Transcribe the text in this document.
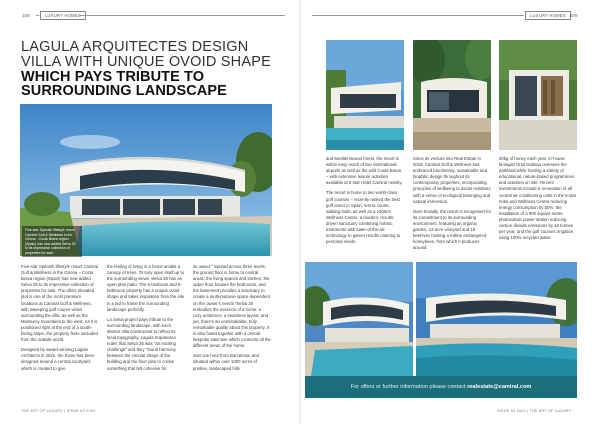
108	LUXURY HOMES
LAGULA ARQUITECTES DESIGN
VILLA WITH UNIQUE OVOID SHAPE
WHICH PAYS TRIBUTE TO
SURROUNDING LANDSCAPE
Five-star Spanish lifestyle resort Camiral Golf & Wellness in the Girona - Costa Brava region (Spain) has now added Selva 25 to its impressive collection of properties for sale.

Five-star Spanish lifestyle resort Camiral Golf & Wellness in the Girona – Costa Brava region (Spain) has now added Selva 25 to its impressive collection of properties for sale. The villa's elevated plot is one of the most premium locations at Camiral Golf & Wellness, with sweeping golf course views surrounding the villa, as well as the Montseny mountains to the west. As it is positioned right at the end of a south-facing slope, the property feels secluded from the outside world.

Designed by award-winning Lagula Architects in 2022, the home has been designed around a central courtyard, which is created to give

the feeling of living in a forest amidst a canopy of trees. To truly open itself up to the surrounding views, Selva 25 has an open-plan patio. The 5-bedroom and 5-bathroom property has a unique ovoid shape and takes inspiration from the site in a bid to frame the surrounding landscape perfectly.

La Selva project pays tribute to the surrounding landscape, with each distinct villa constructed to reflect its local topography. Lagula Arquitectes notes that Selva 25 was "an exciting challenge" and they "found harmony between the circular shape of the building and the floor plan to create something that felt cohesive for

its owner." Spread across three levels, the ground floor is home to central areas: the living spaces and kitchen, the upper floor houses the bedrooms, and the basement provides a sanctuary to create a multi-purpose space dependent on the owner's needs."Selva 25 embodies the essence of a home: a cozy ambience, a seamless layout, and yet, there's an unmistakable, truly remarkable quality about this property. It is also fused together with a central bespoke staircase which connects all the different areas of the home.

Just one hour from Barcelona, and situated within over 1300 acres of pristine, landscaped hills

THE ART OF LUXURY | ISSUE 63 2024
LUXURY HOMES 109

and Mediterranean forest, the resort is within easy reach of two international airports as well as the wild Costa Brava – with extensive leisure activities available at 5-star Hotel Camiral nearby.

The resort is home to two world-class golf courses – recently ranked the best golf resort in Spain, tennis courts, walking trails, as well as a 1000m² Wellness Centre: a modern, results-driven sanctuary combining holistic treatments with state-of-the-art technology to garner results catering to personal needs.

Since its venture into Real Estate in 2018, Camiral Golf & Wellness has embraced low-density, sustainable and biophilic design throughout its contemporary properties, incorporating principles of wellbeing to assist residents with a sense of ecological belonging and natural immersion.

More broadly, the resort is recognised for its commitment to its surrounding environment, featuring an organic garden, 12-acre vineyard and 18 beehives hosting a million endangered honeybees, from which it produces around

50kg of honey each year. In-house biologist Oriol Dalmau oversees the parkland while hosting a variety of educational, nature-based programmes and activities on site. Recent investments include a renovation of all central air conditioning units in the 5-star hotel and Wellness Centre reducing energy consumption by 50%, the installation of a 900 square-metre photovoltaic power station reducing carbon dioxide emissions by 16 tonnes per year, and the golf courses irrigation using 100% recycled water.

For offers or further information please contact realestate@camiral.com
ISSUE 63 2024 | THE ART OF LUXURY
